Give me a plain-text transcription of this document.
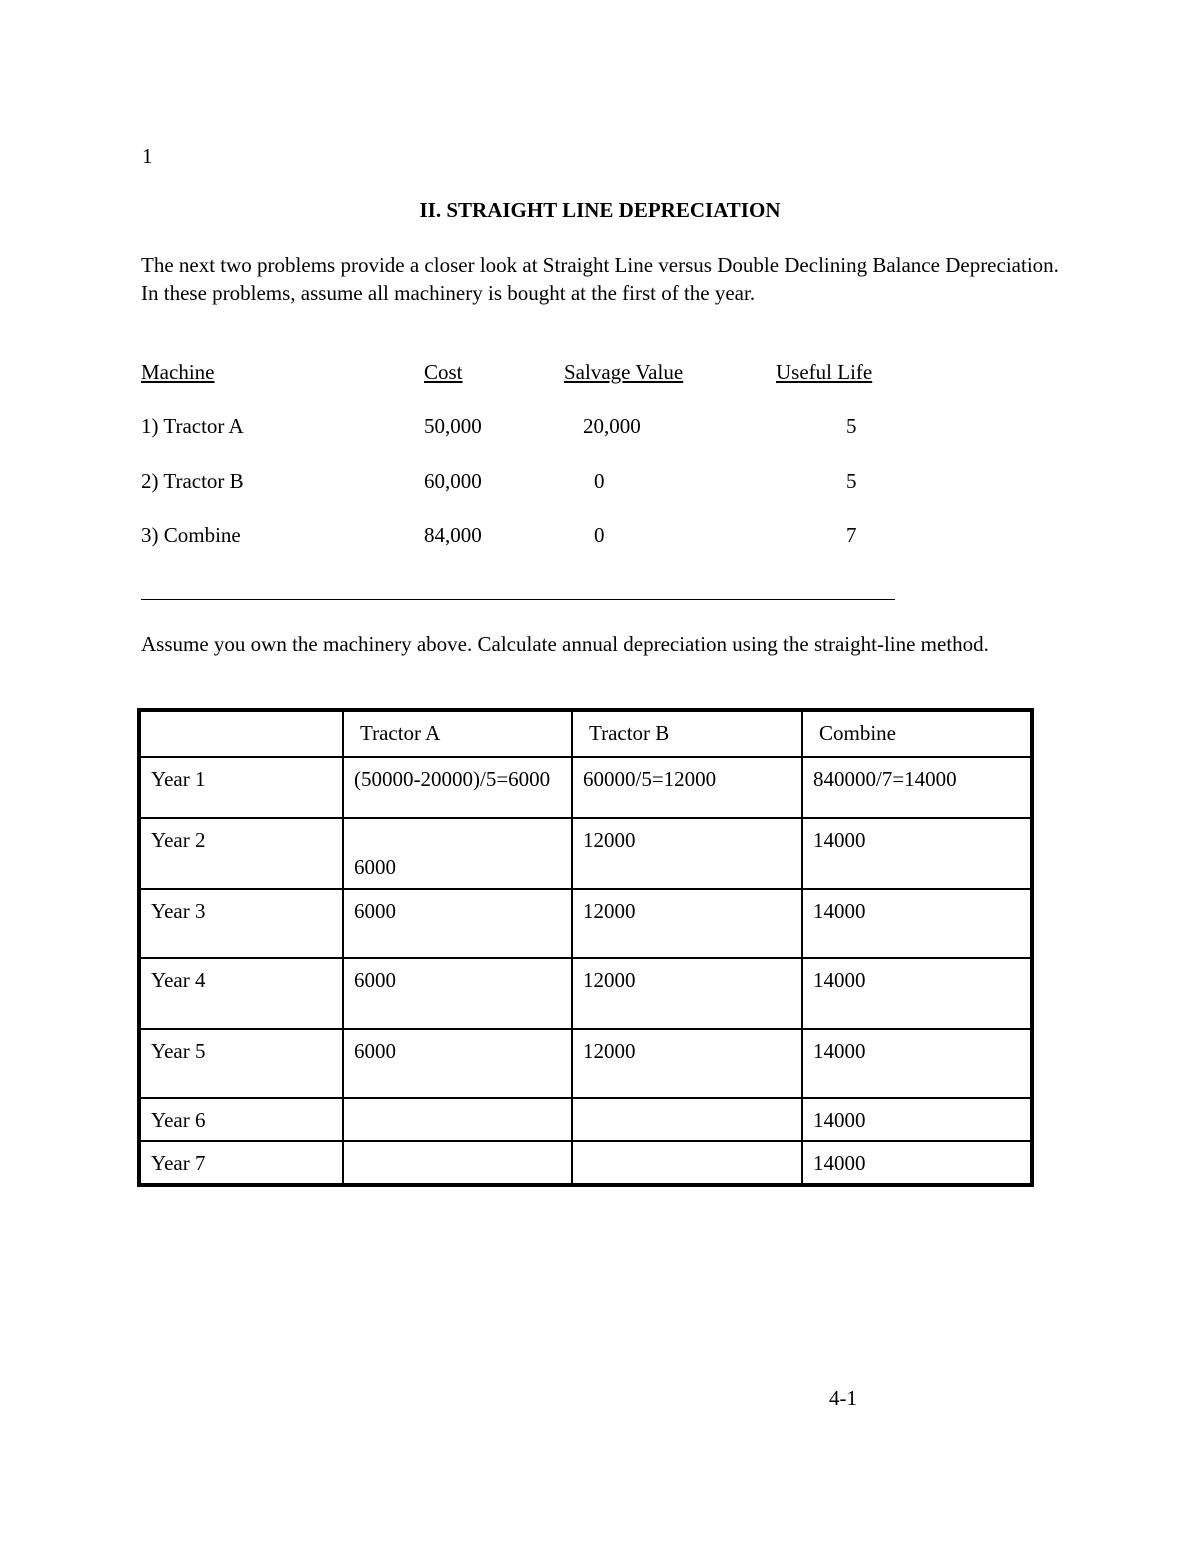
1
II. STRAIGHT LINE DEPRECIATION

The next two problems provide a closer look at Straight Line versus Double Declining Balance Depreciation. In these problems, assume all machinery is bought at the first of the year.

Machine	Cost	Salvage Value	Useful Life
1) Tractor A	50,000	20,000	5
2) Tractor B	60,000	0	5
3) Combine	84,000	0	7

Assume you own the machinery above. Calculate annual depreciation using the straight-line method.

	Tractor A	Tractor B	Combine
Year 1	(50000-20000)/5=6000	60000/5=12000	840000/7=14000
Year 2	6000	12000	14000
Year 3	6000	12000	14000
Year 4	6000	12000	14000
Year 5	6000	12000	14000
Year 6			14000
Year 7			14000
4-1
